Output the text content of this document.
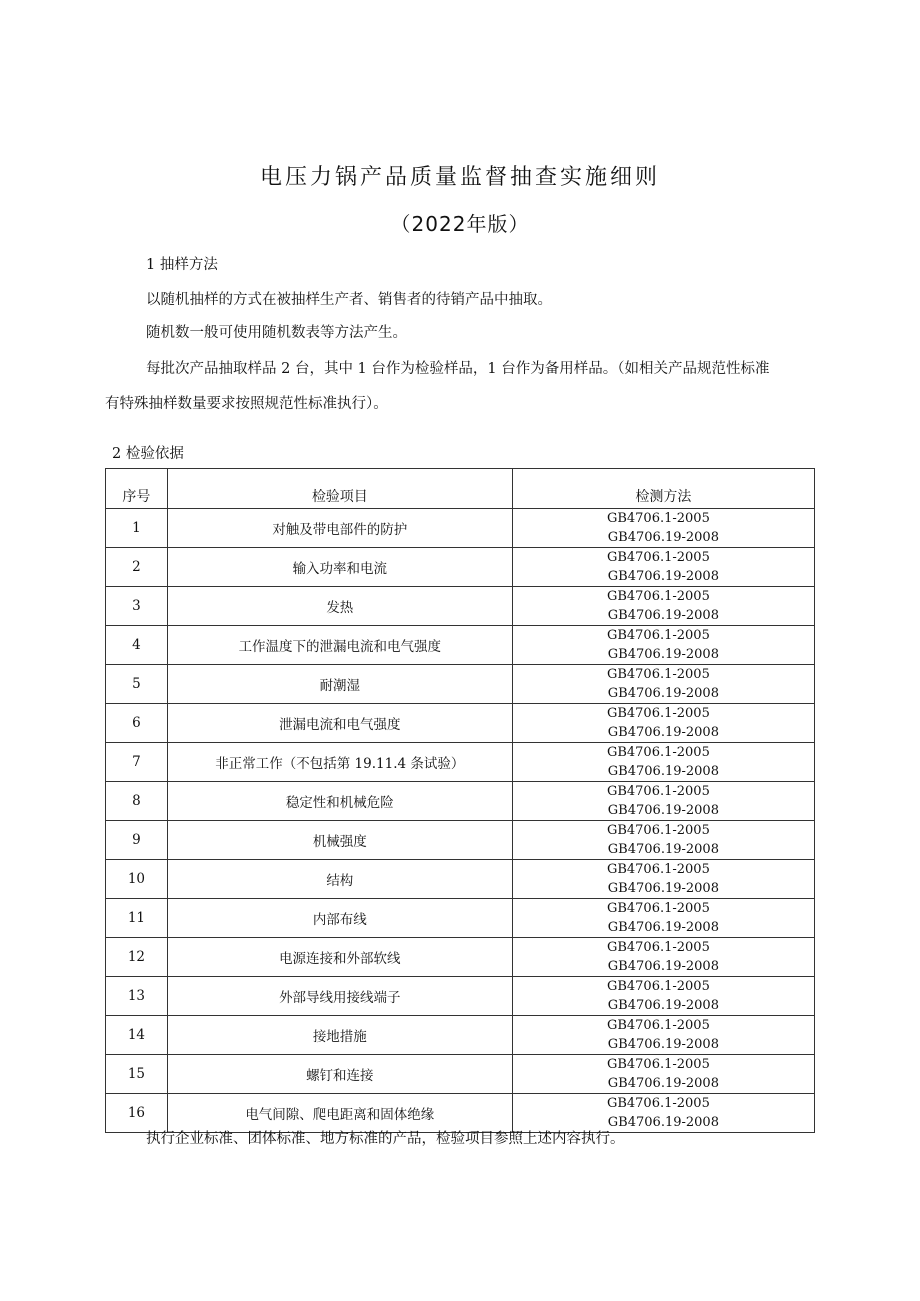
电压力锅产品质量监督抽查实施细则
（2022年版）

1 抽样方法

以随机抽样的方式在被抽样生产者、销售者的待销产品中抽取。

随机数一般可使用随机数表等方法产生。

每批次产品抽取样品 2 台，其中 1 台作为检验样品，1 台作为备用样品。（如相关产品规范性标准

有特殊抽样数量要求按照规范性标准执行）。

2 检验依据

序号	检验项目	检测方法
1	对触及带电部件的防护	GB4706.1-2005
GB4706.19-2008

2	输入功率和电流	GB4706.1-2005
GB4706.19-2008

3	发热	GB4706.1-2005
GB4706.19-2008

4	工作温度下的泄漏电流和电气强度	GB4706.1-2005
GB4706.19-2008

5	耐潮湿	GB4706.1-2005
GB4706.19-2008

6	泄漏电流和电气强度	GB4706.1-2005
GB4706.19-2008

7	非正常工作（不包括第 19.11.4 条试验）	GB4706.1-2005
GB4706.19-2008

8	稳定性和机械危险	GB4706.1-2005
GB4706.19-2008

9	机械强度	GB4706.1-2005
GB4706.19-2008

10	结构	GB4706.1-2005
GB4706.19-2008

11	内部布线	GB4706.1-2005
GB4706.19-2008

12	电源连接和外部软线	GB4706.1-2005
GB4706.19-2008

13	外部导线用接线端子	GB4706.1-2005
GB4706.19-2008

14	接地措施	GB4706.1-2005
GB4706.19-2008

15	螺钉和连接	GB4706.1-2005
GB4706.19-2008

16	电气间隙、爬电距离和固体绝缘	GB4706.1-2005
GB4706.19-2008

执行企业标准、团体标准、地方标准的产品，检验项目参照上述内容执行。
